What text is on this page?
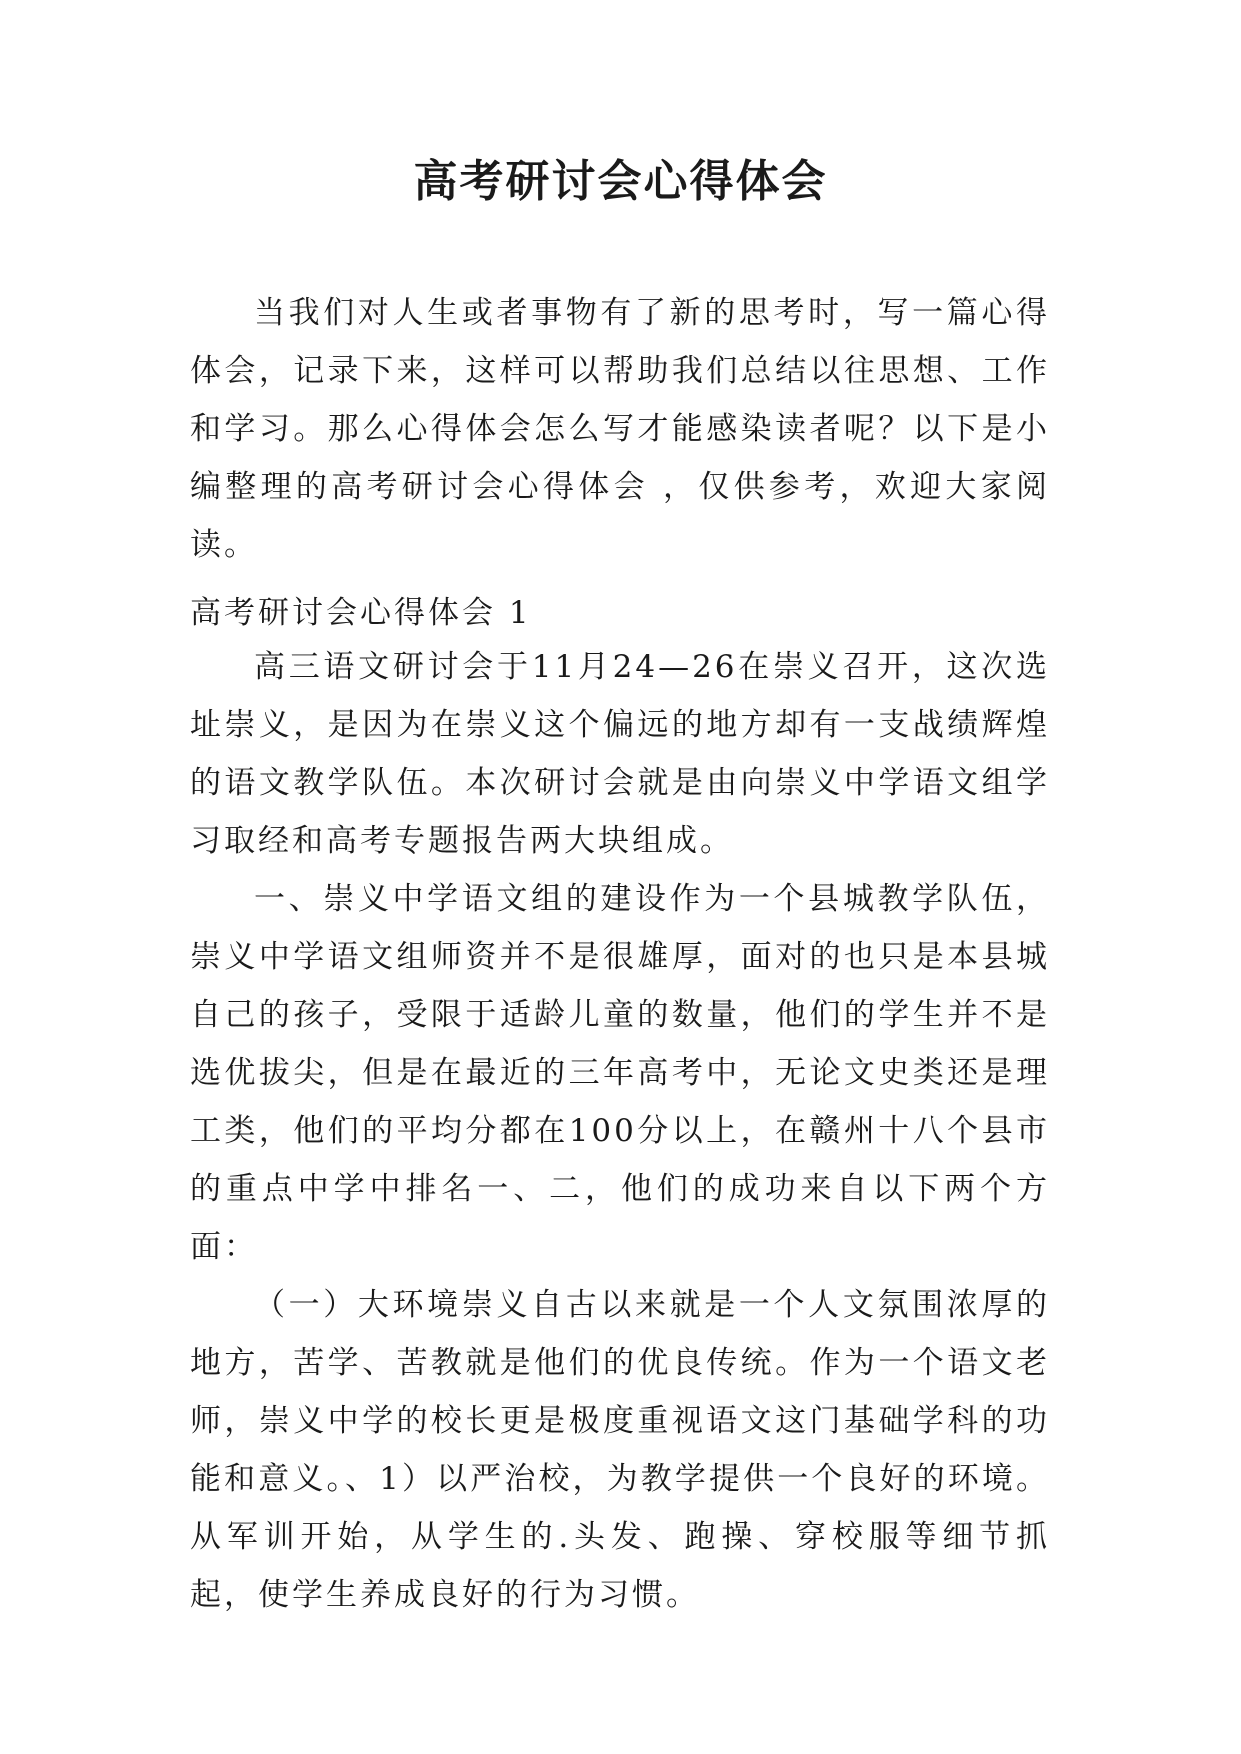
高考研讨会心得体会

当我们对人生或者事物有了新的思考时，写一篇心得体会，记录下来，这样可以帮助我们总结以往思想、工作和学习。那么心得体会怎么写才能感染读者呢？以下是小编整理的高考研讨会心得体会 ，仅供参考，欢迎大家阅读。

高考研讨会心得体会 1

高三语文研讨会于11月24—26在崇义召开，这次选址崇义，是因为在崇义这个偏远的地方却有一支战绩辉煌的语文教学队伍。本次研讨会就是由向崇义中学语文组学习取经和高考专题报告两大块组成。

一、崇义中学语文组的建设作为一个县城教学队伍，崇义中学语文组师资并不是很雄厚，面对的也只是本县城自己的孩子，受限于适龄儿童的数量，他们的学生并不是选优拔尖，但是在最近的三年高考中，无论文史类还是理工类，他们的平均分都在100分以上，在赣州十八个县市的重点中学中排名一、二，他们的成功来自以下两个方面：

（一）大环境崇义自古以来就是一个人文氛围浓厚的地方，苦学、苦教就是他们的优良传统。作为一个语文老师，崇义中学的校长更是极度重视语文这门基础学科的功能和意义。、1）以严治校，为教学提供一个良好的环境。从军训开始，从学生的.头发、跑操、穿校服等细节抓起，使学生养成良好的行为习惯。
